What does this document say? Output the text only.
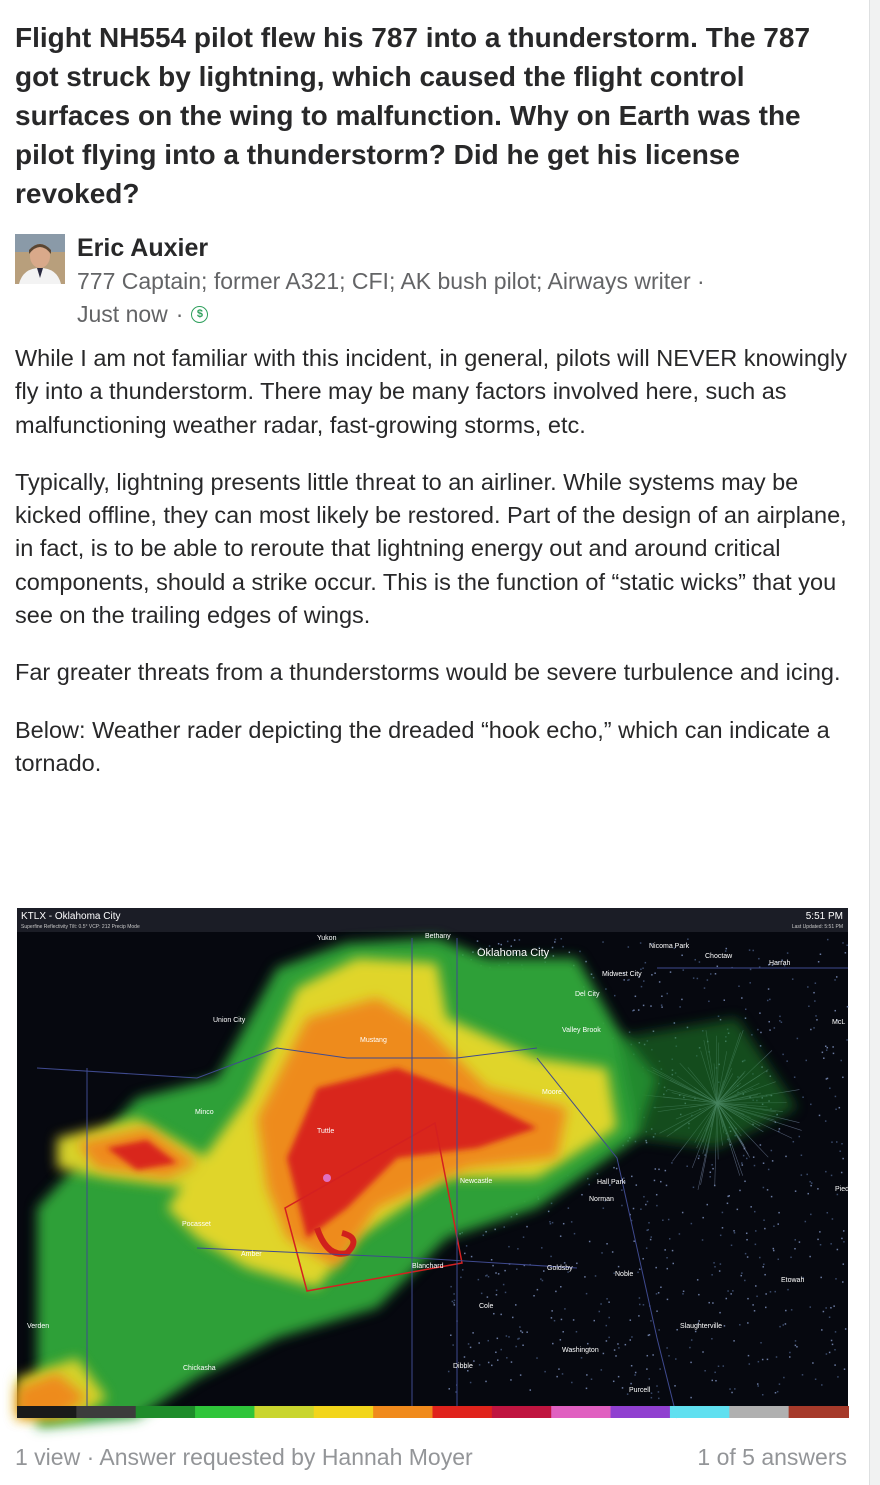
Flight NH554 pilot flew his 787 into a thunderstorm. The 787 got struck by lightning, which caused the flight control surfaces on the wing to malfunction. Why on Earth was the pilot flying into a thunderstorm? Did he get his license revoked?
Eric Auxier
777 Captain; former A321; CFI; AK bush pilot; Airways writer ·
Just now ·	$

While I am not familiar with this incident, in general, pilots will NEVER knowingly fly into a thunderstorm. There may be many factors involved here, such as malfunctioning weather radar, fast-growing storms, etc.

Typically, lightning presents little threat to an airliner. While systems may be kicked offline, they can most likely be restored. Part of the design of an airplane, in fact, is to be able to reroute that lightning energy out and around critical components, should a strike occur. This is the function of “static wicks” that you see on the trailing edges of wings.

Far greater threats from a thunderstorms would be severe turbulence and icing.

Below: Weather rader depicting the dreaded “hook echo,” which can indicate a tornado.

KTLX - Oklahoma City
Superfine Reflectivity Tilt: 0.5° VCP: 212 Precip Mode
5:51 PM
Last Updated: 5:51 PM
Yukon	Bethany
Oklahoma City
Nicoma Park
Choctaw
Harrah
Midwest City
Del City
Union City
Mustang
Valley Brook
Moore
Minco
Tuttle
Newcastle	Hall Park
Norman
Pocasset
Amber
Blanchard	Goldsby
Noble
Etowah
Cole
Verden	Slaughterville
Washington
Chickasha	Dibble
Purcell
McL
Piedmont
1 view · Answer requested by Hannah Moyer	1 of 5 answers
